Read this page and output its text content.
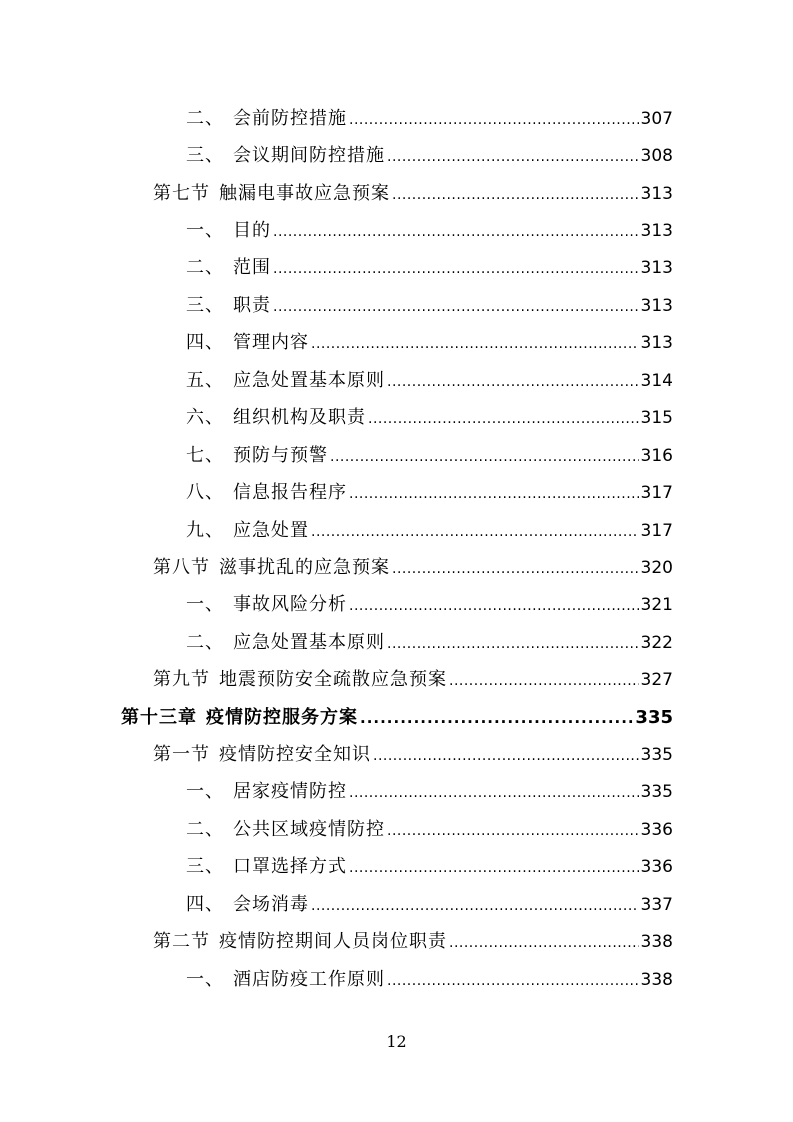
二、 会前防控措施 .....	307
三、 会议期间防控措施 .....	308
第七节 触漏电事故应急预案 .....	313
一、 目的 .....	313
二、 范围 .....	313
三、 职责 .....	313
四、 管理内容 .....	313
五、 应急处置基本原则 .....	314
六、 组织机构及职责 .....	315
七、 预防与预警 .....	316
八、 信息报告程序 .....	317
九、 应急处置 .....	317
第八节 滋事扰乱的应急预案 .....	320
一、 事故风险分析 .....	321
二、 应急处置基本原则 .....	322
第九节 地震预防安全疏散应急预案 .....	327
第十三章 疫情防控服务方案 .....	335
第一节 疫情防控安全知识 .....	335
一、 居家疫情防控 .....	335
二、 公共区域疫情防控 .....	336
三、 口罩选择方式 .....	336
四、 会场消毒 .....	337
第二节 疫情防控期间人员岗位职责 .....	338
一、 酒店防疫工作原则 .....	338
12
